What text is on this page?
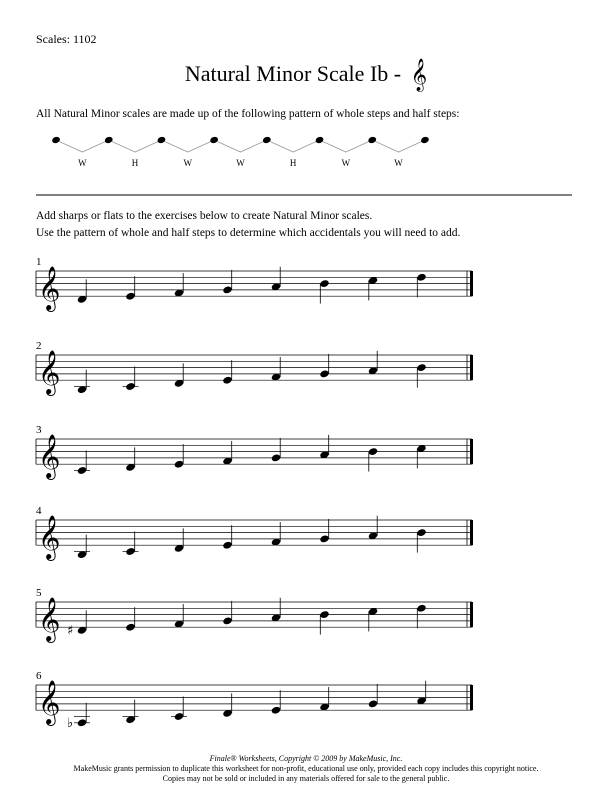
Scales: 1102
Natural Minor Scale Ib - 𝄞
All Natural Minor scales are made up of the following pattern of whole steps and half steps:
W	H	W	W	H	W	W
Add sharps or flats to the exercises below to create Natural Minor scales.
Use the pattern of whole and half steps to determine which accidentals you will need to add.
1
𝄞
2
𝄞
3
𝄞
4
𝄞
5
𝄞 ♯
6
𝄞 ♭
Finale® Worksheets, Copyright © 2009 by MakeMusic, Inc.
MakeMusic grants permission to duplicate this worksheet for non-profit, educational use only, provided each copy includes this copyright notice.
Copies may not be sold or included in any materials offered for sale to the general public.
